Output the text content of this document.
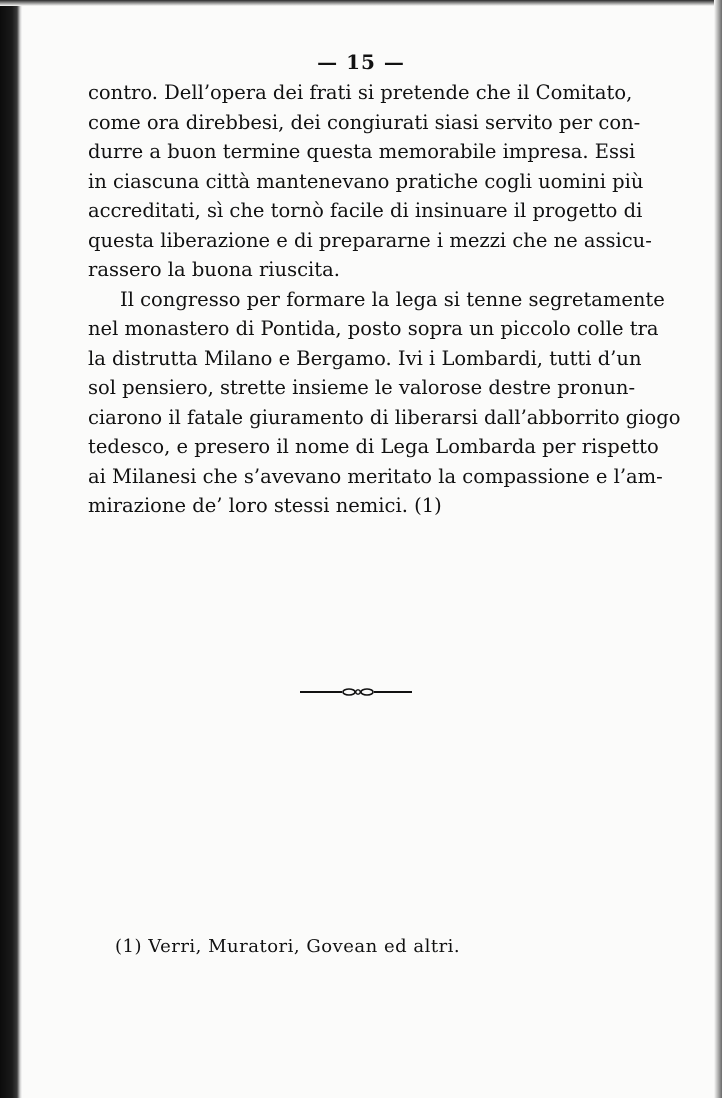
— 15 —

contro. Dell’opera dei frati si pretende che il Comitato,
come ora direbbesi, dei congiurati siasi servito per con-
durre a buon termine questa memorabile impresa. Essi
in ciascuna città mantenevano pratiche cogli uomini più
accreditati, sì che tornò facile di insinuare il progetto di
questa liberazione e di prepararne i mezzi che ne assicu-
rassero la buona riuscita.

Il congresso per formare la lega si tenne segretamente
nel monastero di Pontida, posto sopra un piccolo colle tra
la distrutta Milano e Bergamo. Ivi i Lombardi, tutti d’un
sol pensiero, strette insieme le valorose destre pronun-
ciarono il fatale giuramento di liberarsi dall’abborrito giogo
tedesco, e presero il nome di Lega Lombarda per rispetto
ai Milanesi che s’avevano meritato la compassione e l’am-
mirazione de’ loro stessi nemici. (1)

(1) Verri, Muratori, Govean ed altri.
